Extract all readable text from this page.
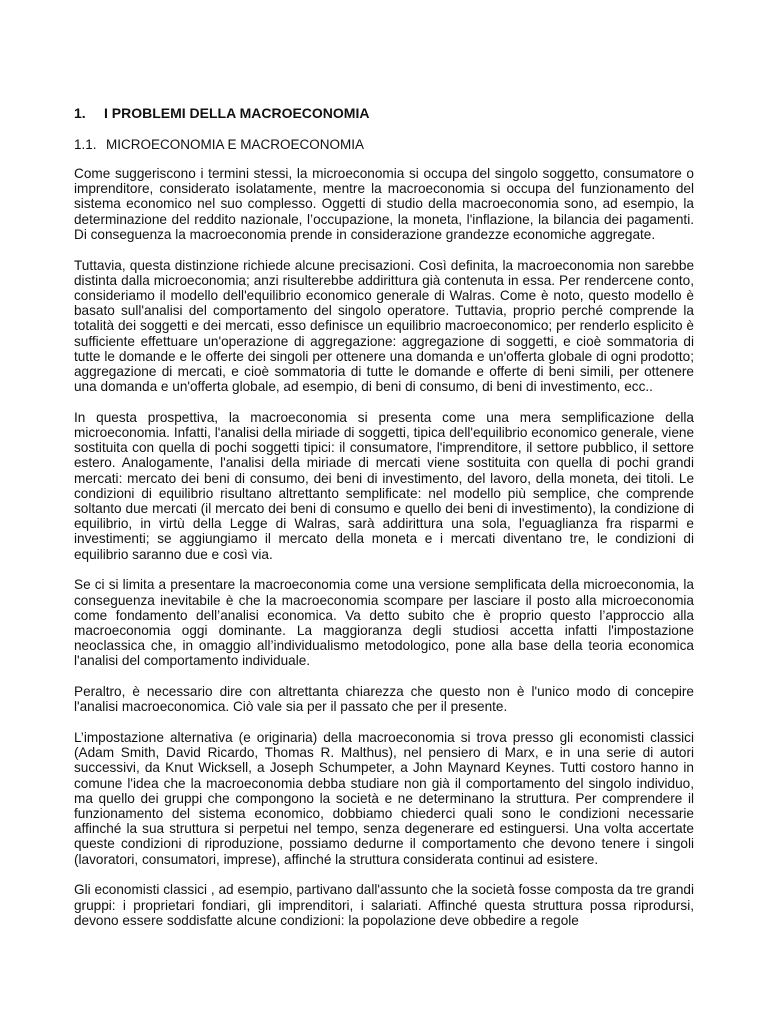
1. I PROBLEMI DELLA MACROECONOMIA
1.1. MICROECONOMIA E MACROECONOMIA

Come suggeriscono i termini stessi, la microeconomia si occupa del singolo soggetto, consumatore o imprenditore, considerato isolatamente, mentre la macroeconomia si occupa del funzionamento del sistema economico nel suo complesso. Oggetti di studio della macroeconomia sono, ad esempio, la determinazione del reddito nazionale, l’occupazione, la moneta, l'inflazione, la bilancia dei pagamenti. Di conseguenza la macroeconomia prende in considerazione grandezze economiche aggregate.

Tuttavia, questa distinzione richiede alcune precisazioni. Così definita, la macroeconomia non sarebbe distinta dalla microeconomia; anzi risulterebbe addirittura già contenuta in essa. Per rendercene conto, consideriamo il modello dell'equilibrio economico generale di Walras. Come è noto, questo modello è basato sull'analisi del comportamento del singolo operatore. Tuttavia, proprio perché comprende la totalità dei soggetti e dei mercati, esso definisce un equilibrio macroeconomico; per renderlo esplicito è sufficiente effettuare un'operazione di aggregazione: aggregazione di soggetti, e cioè sommatoria di tutte le domande e le offerte dei singoli per ottenere una domanda e un'offerta globale di ogni prodotto; aggregazione di mercati, e cioè sommatoria di tutte le domande e offerte di beni simili, per ottenere una domanda e un'offerta globale, ad esempio, di beni di consumo, di beni di investimento, ecc..

In questa prospettiva, la macroeconomia si presenta come una mera semplificazione della microeconomia. Infatti, l'analisi della miriade di soggetti, tipica dell'equilibrio economico generale, viene sostituita con quella di pochi soggetti tipici: il consumatore, l'imprenditore, il settore pubblico, il settore estero. Analogamente, l'analisi della miriade di mercati viene sostituita con quella di pochi grandi mercati: mercato dei beni di consumo, dei beni di investimento, del lavoro, della moneta, dei titoli. Le condizioni di equilibrio risultano altrettanto semplificate: nel modello più semplice, che comprende soltanto due mercati (il mercato dei beni di consumo e quello dei beni di investimento), la condizione di equilibrio, in virtù della Legge di Walras, sarà addirittura una sola, l'eguaglianza fra risparmi e investimenti; se aggiungiamo il mercato della moneta e i mercati diventano tre, le condizioni di equilibrio saranno due e così via.

Se ci si limita a presentare la macroeconomia come una versione semplificata della microeconomia, la conseguenza inevitabile è che la macroeconomia scompare per lasciare il posto alla microeconomia come fondamento dell’analisi economica. Va detto subito che è proprio questo l’approccio alla macroeconomia oggi dominante. La maggioranza degli studiosi accetta infatti l'impostazione neoclassica che, in omaggio all’individualismo metodologico, pone alla base della teoria economica l'analisi del comportamento individuale.

Peraltro, è necessario dire con altrettanta chiarezza che questo non è l'unico modo di concepire l'analisi macroeconomica. Ciò vale sia per il passato che per il presente.

L’impostazione alternativa (e originaria) della macroeconomia si trova presso gli economisti classici (Adam Smith, David Ricardo, Thomas R. Malthus), nel pensiero di Marx, e in una serie di autori successivi, da Knut Wicksell, a Joseph Schumpeter, a John Maynard Keynes. Tutti costoro hanno in comune l'idea che la macroeconomia debba studiare non già il comportamento del singolo individuo, ma quello dei gruppi che compongono la società e ne determinano la struttura. Per comprendere il funzionamento del sistema economico, dobbiamo chiederci quali sono le condizioni necessarie affinché la sua struttura si perpetui nel tempo, senza degenerare ed estinguersi. Una volta accertate queste condizioni di riproduzione, possiamo dedurne il comportamento che devono tenere i singoli (lavoratori, consumatori, imprese), affinché la struttura considerata continui ad esistere.

Gli economisti classici , ad esempio, partivano dall'assunto che la società fosse composta da tre grandi gruppi: i proprietari fondiari, gli imprenditori, i salariati. Affinché questa struttura possa riprodursi, devono essere soddisfatte alcune condizioni: la popolazione deve obbedire a regole
